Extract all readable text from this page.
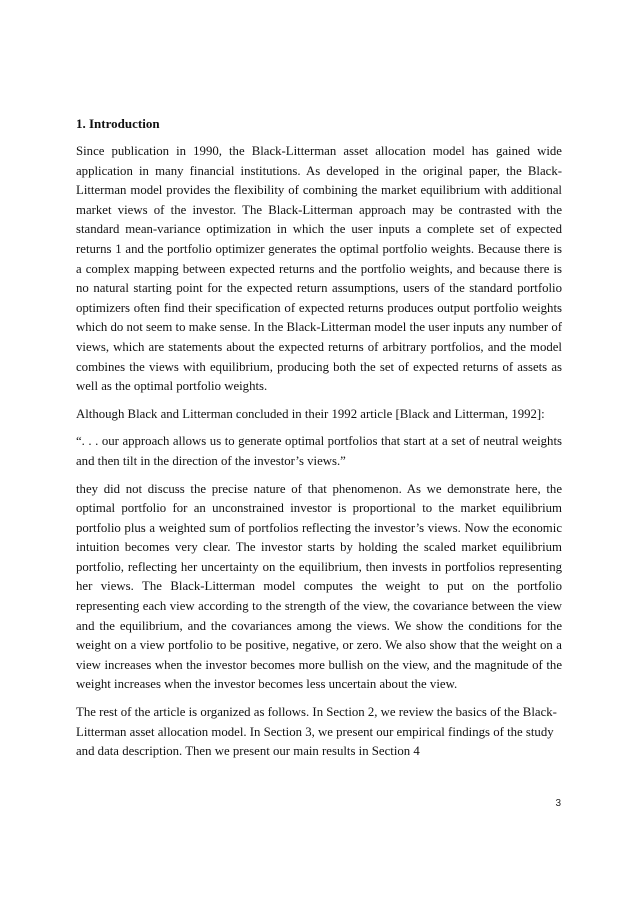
1. Introduction

Since publication in 1990, the Black-Litterman asset allocation model has gained wide application in many financial institutions. As developed in the original paper, the Black-Litterman model provides the flexibility of combining the market equilibrium with additional market views of the investor. The Black-Litterman approach may be contrasted with the standard mean-variance optimization in which the user inputs a complete set of expected returns 1 and the portfolio optimizer generates the optimal portfolio weights. Because there is a complex mapping between expected returns and the portfolio weights, and because there is no natural starting point for the expected return assumptions, users of the standard portfolio optimizers often find their specification of expected returns produces output portfolio weights which do not seem to make sense. In the Black-Litterman model the user inputs any number of views, which are statements about the expected returns of arbitrary portfolios, and the model combines the views with equilibrium, producing both the set of expected returns of assets as well as the optimal portfolio weights.

Although Black and Litterman concluded in their 1992 article [Black and Litterman, 1992]:

“. . . our approach allows us to generate optimal portfolios that start at a set of neutral weights and then tilt in the direction of the investor’s views.”

they did not discuss the precise nature of that phenomenon. As we demonstrate here, the optimal portfolio for an unconstrained investor is proportional to the market equilibrium portfolio plus a weighted sum of portfolios reflecting the investor’s views. Now the economic intuition becomes very clear. The investor starts by holding the scaled market equilibrium portfolio, reflecting her uncertainty on the equilibrium, then invests in portfolios representing her views. The Black-Litterman model computes the weight to put on the portfolio representing each view according to the strength of the view, the covariance between the view and the equilibrium, and the covariances among the views. We show the conditions for the weight on a view portfolio to be positive, negative, or zero. We also show that the weight on a view increases when the investor becomes more bullish on the view, and the magnitude of the weight increases when the investor becomes less uncertain about the view.

The rest of the article is organized as follows. In Section 2, we review the basics of the Black-Litterman asset allocation model. In Section 3, we present our empirical findings of the study and data description. Then we present our main results in Section 4

3
